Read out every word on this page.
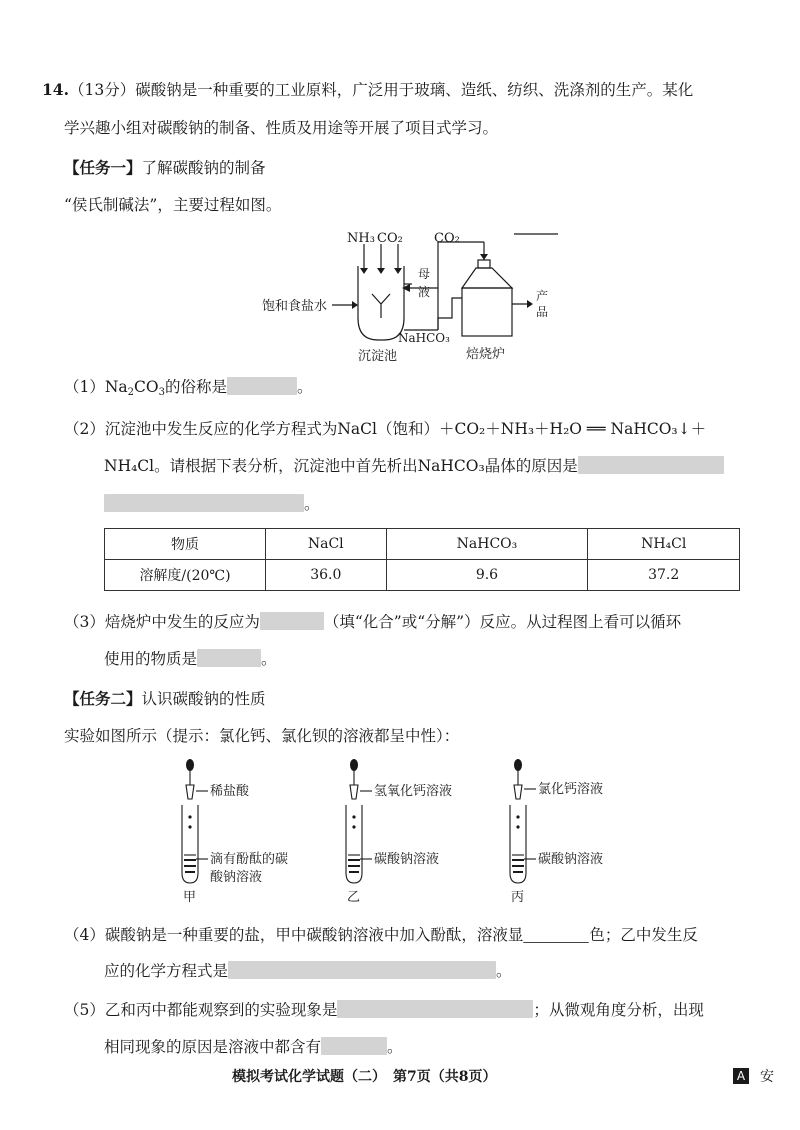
14.（13分）碳酸钠是一种重要的工业原料，广泛用于玻璃、造纸、纺织、洗涤剂的生产。某化
学兴趣小组对碳酸钠的制备、性质及用途等开展了项目式学习。
【任务一】了解碳酸钠的制备
“侯氏制碱法”，主要过程如图。
NH₃ CO₂ CO₂
饱和食盐水
母
液
NaHCO₃
沉淀池	焙烧炉
产
品
$(1)Na_2CO_3$的俗称是	。
（2）沉淀池中发生反应的化学方程式为NaCl（饱和）＋CO₂＋NH₃＋H₂O ══ NaHCO₃↓＋
NH₄Cl。请根据下表分析，沉淀池中首先析出NaHCO₃晶体的原因是
。
物质	NaCl	NaHCO₃	NH₄Cl
溶解度/(20℃)	36.0	9.6	37.2
（3）焙烧炉中发生的反应为	（填“化合”或“分解”）反应。从过程图上看可以循环
使用的物质是	。
【任务二】认识碳酸钠的性质
实验如图所示（提示：氯化钙、氯化钡的溶液都呈中性）：
稀盐酸
滴有酚酞的碳
酸钠溶液
氢氧化钙溶液
碳酸钠溶液
氯化钙溶液
碳酸钠溶液
甲	乙	丙
（4）碳酸钠是一种重要的盐，甲中碳酸钠溶液中加入酚酞，溶液显	色；乙中发生反
应的化学方程式是	。
（5）乙和丙中都能观察到的实验现象是	；从微观角度分析，出现
相同现象的原因是溶液中都含有	。
模拟考试化学试题（二）　第7页（共8页）	A 安
